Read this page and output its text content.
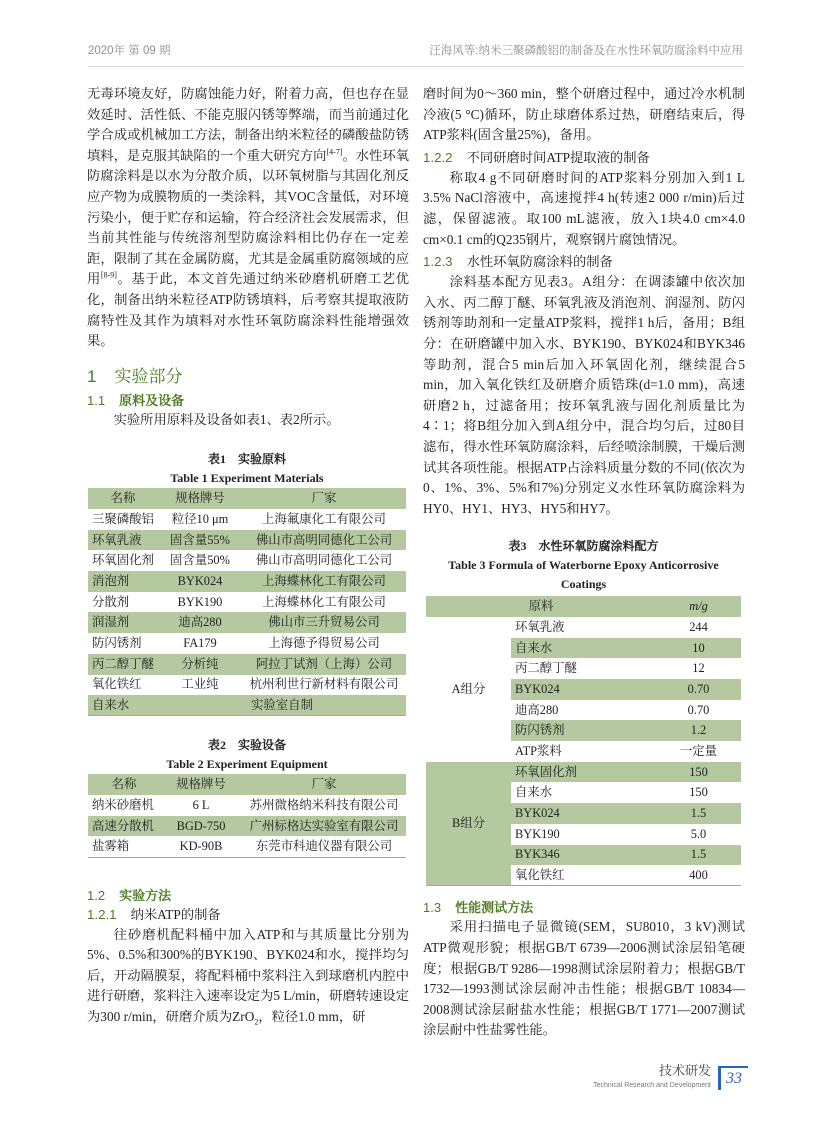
2020年 第 09 期	汪海风等:纳米三聚磷酸铝的制备及在水性环氧防腐涂料中应用
无毒环境友好，防腐蚀能力好，附着力高，但也存在显效延时、活性低、不能克服闪锈等弊端，而当前通过化学合成或机械加工方法，制备出纳米粒径的磷酸盐防锈填料，是克服其缺陷的一个重大研究方向[4-7]。水性环氧防腐涂料是以水为分散介质，以环氧树脂与其固化剂反应产物为成膜物质的一类涂料，其VOC含量低，对环境污染小，便于贮存和运输，符合经济社会发展需求，但当前其性能与传统溶剂型防腐涂料相比仍存在一定差距，限制了其在金属防腐，尤其是金属重防腐领域的应用[8-9]。基于此，本文首先通过纳米砂磨机研磨工艺优化，制备出纳米粒径ATP防锈填料，后考察其提取液防腐特性及其作为填料对水性环氧防腐涂料性能增强效果。
1 实验部分
1.1 原料及设备
实验所用原料及设备如表1、表2所示。
表1　实验原料
Table 1 Experiment Materials
名称	规格牌号	厂家
三聚磷酸铝	粒径10 μm	上海氟康化工有限公司
环氧乳液	固含量55%	佛山市高明同德化工公司
环氧固化剂	固含量50%	佛山市高明同德化工公司
消泡剂	BYK024	上海蝶林化工有限公司
分散剂	BYK190	上海蝶林化工有限公司
润湿剂	迪高280	佛山市三升贸易公司
防闪锈剂	FA179	上海德予得贸易公司
丙二醇丁醚	分析纯	阿拉丁试剂（上海）公司
氧化铁红	工业纯	杭州利世行新材料有限公司
自来水	实验室自制	
表2　实验设备
Table 2 Experiment Equipment
名称	规格牌号	厂家
纳米砂磨机	6 L	苏州微格纳米科技有限公司
高速分散机	BGD-750	广州标格达实验室有限公司
盐雾箱	KD-90B	东莞市科迪仪器有限公司
1.2 实验方法
1.2.1 纳米ATP的制备
往砂磨机配料桶中加入ATP和与其质量比分别为5%、0.5%和300%的BYK190、BYK024和水，搅拌均匀后，开动隔膜泵，将配料桶中浆料注入到球磨机内腔中进行研磨，浆料注入速率设定为5 L/min，研磨转速设定为300 r/min，研磨介质为ZrO$_2$，粒径1.0 mm，研
磨时间为0～360 min，整个研磨过程中，通过冷水机制冷液(5 °C)循环，防止球磨体系过热，研磨结束后，得ATP浆料(固含量25%)，备用。
1.2.2 不同研磨时间ATP提取液的制备
称取4 g不同研磨时间的ATP浆料分别加入到1 L 3.5% NaCl溶液中，高速搅拌4 h(转速2 000 r/min)后过滤，保留滤液。取100 mL滤液，放入1块4.0 cm×4.0 cm×0.1 cm的Q235钢片，观察钢片腐蚀情况。
1.2.3 水性环氧防腐涂料的制备
涂料基本配方见表3。A组分：在调漆罐中依次加入水、丙二醇丁醚、环氧乳液及消泡剂、润湿剂、防闪锈剂等助剂和一定量ATP浆料，搅拌1 h后，备用；B组分：在研磨罐中加入水、BYK190、BYK024和BYK346等助剂，混合5 min后加入环氧固化剂，继续混合5 min，加入氧化铁红及研磨介质锆珠(d=1.0 mm)，高速研磨2 h，过滤备用；按环氧乳液与固化剂质量比为4∶1；将B组分加入到A组分中，混合均匀后，过80目滤布，得水性环氧防腐涂料，后经喷涂制膜，干燥后测试其各项性能。根据ATP占涂料质量分数的不同(依次为0、1%、3%、5%和7%)分别定义水性环氧防腐涂料为HY0、HY1、HY3、HY5和HY7。
表3　水性环氧防腐涂料配方
Table 3 Formula of Waterborne Epoxy Anticorrosive Coatings
原料		m/g
A组分	环氧乳液	244
	自来水	10
	丙二醇丁醚	12
	BYK024	0.70
	迪高280	0.70
	防闪锈剂	1.2
	ATP浆料	一定量
B组分	环氧固化剂	150
	自来水	150
	BYK024	1.5
	BYK190	5.0
	BYK346	1.5
	氧化铁红	400
1.3 性能测试方法
采用扫描电子显微镜(SEM，SU8010，3 kV)测试ATP微观形貌；根据GB/T 6739—2006测试涂层铅笔硬度；根据GB/T 9286—1998测试涂层附着力；根据GB/T 1732—1993测试涂层耐冲击性能；根据GB/T 10834—2008测试涂层耐盐水性能；根据GB/T 1771—2007测试涂层耐中性盐雾性能。
技术研发
Technical Research and Development 33
